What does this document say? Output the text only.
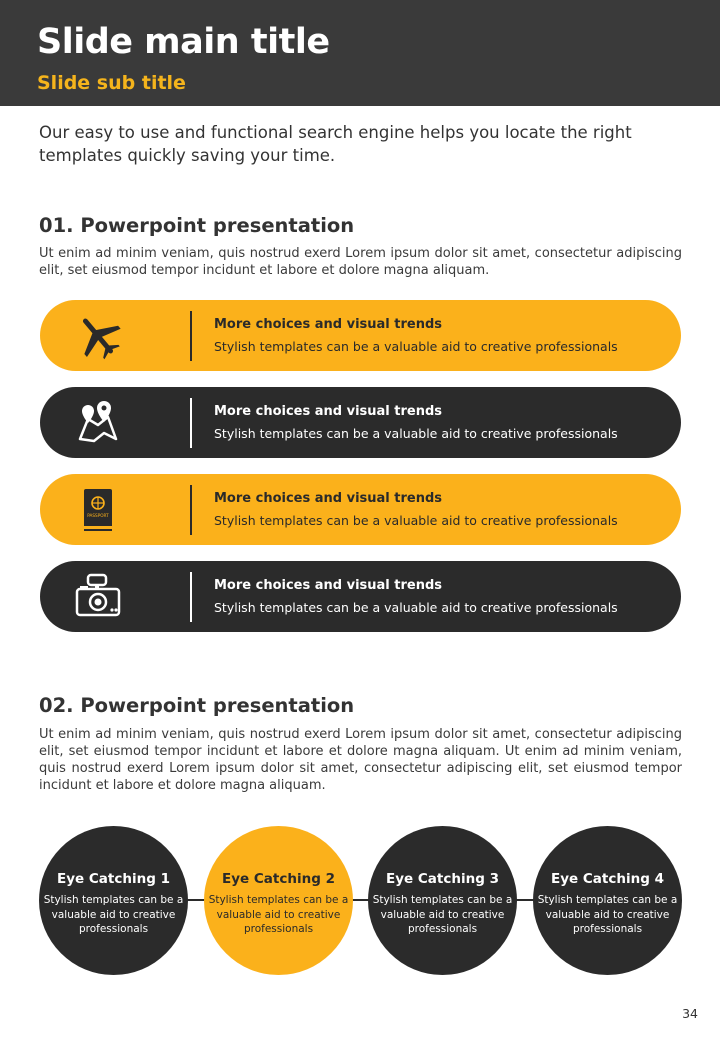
Slide main title
Slide sub title
Our easy to use and functional search engine helps you locate the right templates quickly saving your time.
01. Powerpoint presentation
Ut enim ad minim veniam, quis nostrud exerd Lorem ipsum dolor sit amet, consectetur adipiscing elit, set eiusmod tempor incidunt et labore et dolore magna aliquam.
More choices and visual trends
Stylish templates can be a valuable aid to creative professionals
More choices and visual trends
Stylish templates can be a valuable aid to creative professionals
PASSPORT
More choices and visual trends
Stylish templates can be a valuable aid to creative professionals
More choices and visual trends
Stylish templates can be a valuable aid to creative professionals
02. Powerpoint presentation
Ut enim ad minim veniam, quis nostrud exerd Lorem ipsum dolor sit amet, consectetur adipiscing elit, set eiusmod tempor incidunt et labore et dolore magna aliquam. Ut enim ad minim veniam, quis nostrud exerd Lorem ipsum dolor sit amet, consectetur adipiscing elit, set eiusmod tempor incidunt et labore et dolore magna aliquam.
Eye Catching 1
Stylish templates can be a valuable aid to creative professionals
Eye Catching 2
Stylish templates can be a valuable aid to creative professionals
Eye Catching 3
Stylish templates can be a valuable aid to creative professionals
Eye Catching 4
Stylish templates can be a valuable aid to creative professionals
34
